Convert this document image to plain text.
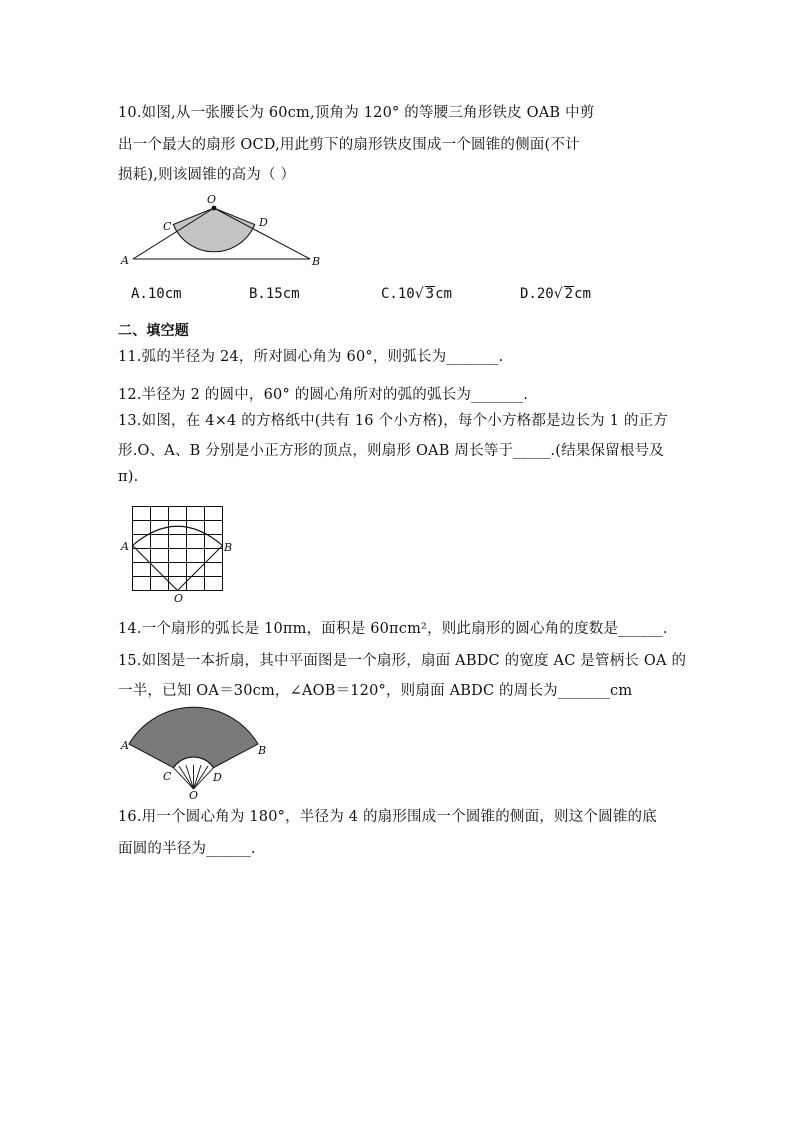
10.如图,从一张腰长为 60cm,顶角为 120° 的等腰三角形铁皮 OAB 中剪
出一个最大的扇形 OCD,用此剪下的扇形铁皮围成一个圆锥的侧面(不计
损耗),则该圆锥的高为（ ）
O
C	D
A	B
A.10cm	B.15cm	C.10√ 3cm	D.20√ 2cm
二、填空题
11.弧的半径为 24，所对圆心角为 60°，则弧长为_______.
12.半径为 2 的圆中，60° 的圆心角所对的弧的弧长为_______.
13.如图，在 4×4 的方格纸中(共有 16 个小方格)，每个小方格都是边长为 1 的正方
形.O、A、B 分别是小正方形的顶点，则扇形 OAB 周长等于_____.(结果保留根号及
π).
A	B
O
14.一个扇形的弧长是 10πm，面积是 60πcm²，则此扇形的圆心角的度数是______.
15.如图是一本折扇，其中平面图是一个扇形，扇面 ABDC 的宽度 AC 是管柄长 OA 的
一半，已知 OA＝30cm，∠AOB＝120°，则扇面 ABDC 的周长为_______cm
A	B
C	D
O
16.用一个圆心角为 180°，半径为 4 的扇形围成一个圆锥的侧面，则这个圆锥的底
面圆的半径为______.
